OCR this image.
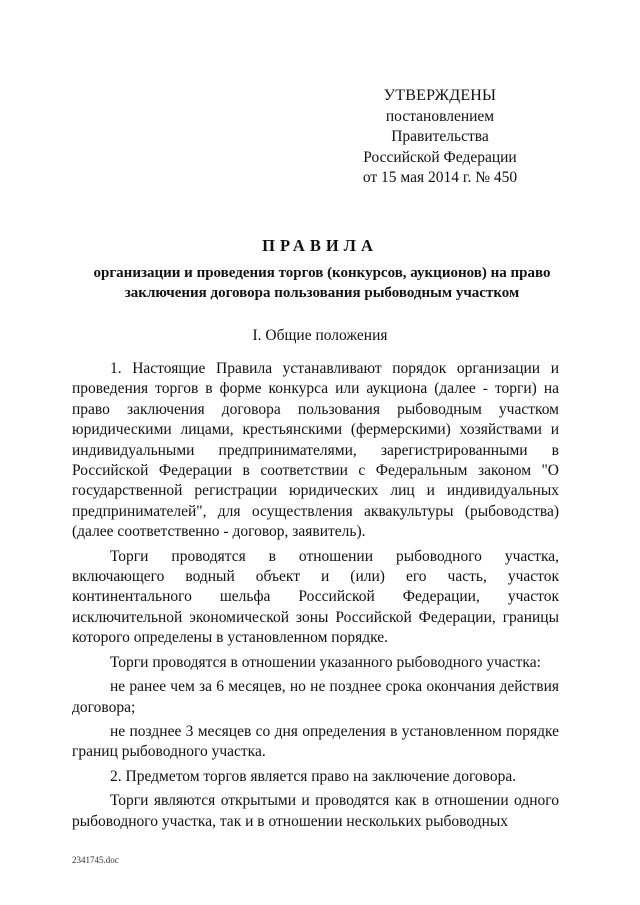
УТВЕРЖДЕНЫ
постановлением Правительства
Российской Федерации
от 15 мая 2014 г. № 450
ПРАВИЛА
организации и проведения торгов (конкурсов, аукционов) на право заключения договора пользования рыбоводным участком
I. Общие положения

1. Настоящие Правила устанавливают порядок организации и проведения торгов в форме конкурса или аукциона (далее - торги) на право заключения договора пользования рыбоводным участком юридическими лицами, крестьянскими (фермерскими) хозяйствами и индивидуальными предпринимателями, зарегистрированными в Российской Федерации в соответствии с Федеральным законом "О государственной регистрации юридических лиц и индивидуальных предпринимателей", для осуществления аквакультуры (рыбоводства) (далее соответственно - договор, заявитель).

Торги проводятся в отношении рыбоводного участка, включающего водный объект и (или) его часть, участок континентального шельфа Российской Федерации, участок исключительной экономической зоны Российской Федерации, границы которого определены в установленном порядке.

Торги проводятся в отношении указанного рыбоводного участка:

не ранее чем за 6 месяцев, но не позднее срока окончания действия договора;

не позднее 3 месяцев со дня определения в установленном порядке границ рыбоводного участка.

2. Предметом торгов является право на заключение договора.

Торги являются открытыми и проводятся как в отношении одного рыбоводного участка, так и в отношении нескольких рыбоводных

2341745.doc
